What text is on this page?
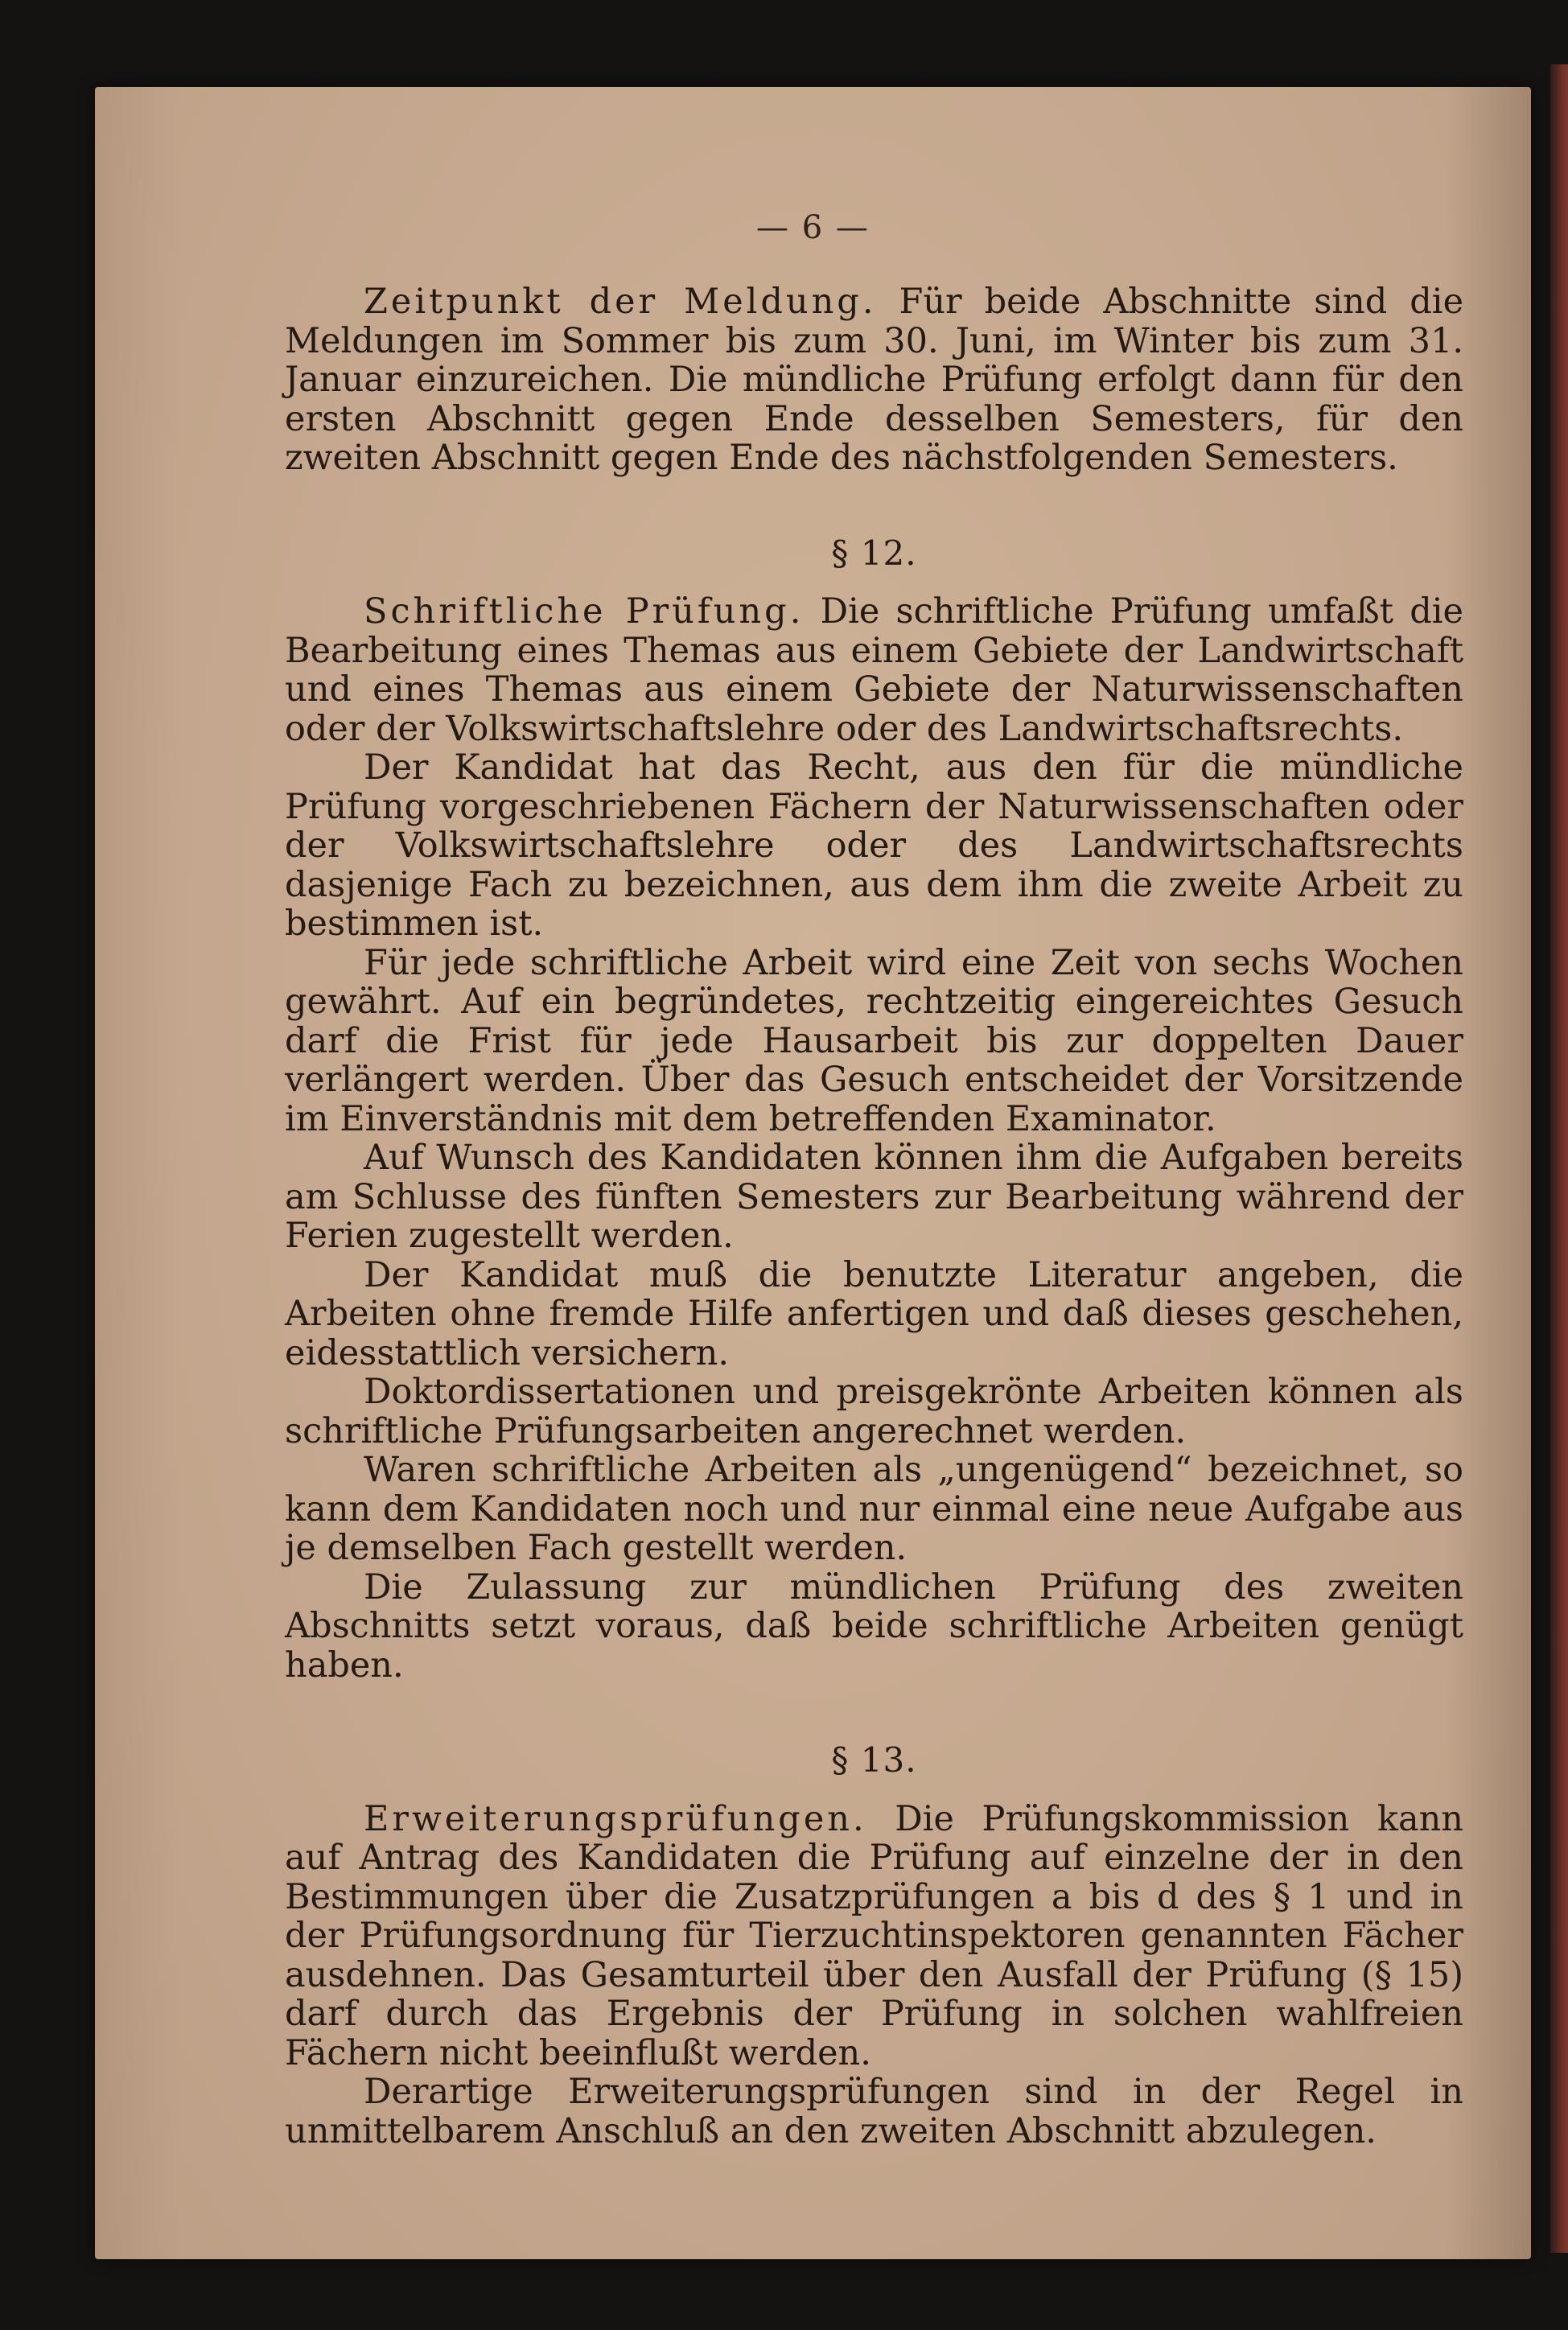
— 6 —

Zeitpunkt der Meldung. Für beide Abschnitte sind die Meldungen im Sommer bis zum 30. Juni, im Winter bis zum 31. Januar einzureichen. Die mündliche Prüfung erfolgt dann für den ersten Abschnitt gegen Ende desselben Semesters, für den zweiten Abschnitt gegen Ende des nächstfolgenden Semesters.

§ 12.

Schriftliche Prüfung. Die schriftliche Prüfung umfaßt die Bearbeitung eines Themas aus einem Gebiete der Landwirtschaft und eines Themas aus einem Gebiete der Naturwissenschaften oder der Volkswirtschaftslehre oder des Landwirtschaftsrechts.

Der Kandidat hat das Recht, aus den für die mündliche Prüfung vorgeschriebenen Fächern der Naturwissenschaften oder der Volkswirtschaftslehre oder des Landwirtschaftsrechts dasjenige Fach zu bezeichnen, aus dem ihm die zweite Arbeit zu bestimmen ist.

Für jede schriftliche Arbeit wird eine Zeit von sechs Wochen gewährt. Auf ein begründetes, rechtzeitig eingereichtes Gesuch darf die Frist für jede Hausarbeit bis zur doppelten Dauer verlängert werden. Über das Gesuch entscheidet der Vorsitzende im Einverständnis mit dem betreffenden Examinator.

Auf Wunsch des Kandidaten können ihm die Aufgaben bereits am Schlusse des fünften Semesters zur Bearbeitung während der Ferien zugestellt werden.

Der Kandidat muß die benutzte Literatur angeben, die Arbeiten ohne fremde Hilfe anfertigen und daß dieses geschehen, eidesstattlich versichern.

Doktordissertationen und preisgekrönte Arbeiten können als schriftliche Prüfungsarbeiten angerechnet werden.

Waren schriftliche Arbeiten als „ungenügend“ bezeichnet, so kann dem Kandidaten noch und nur einmal eine neue Aufgabe aus je demselben Fach gestellt werden.

Die Zulassung zur mündlichen Prüfung des zweiten Abschnitts setzt voraus, daß beide schriftliche Arbeiten genügt haben.

§ 13.

Erweiterungsprüfungen. Die Prüfungskommission kann auf Antrag des Kandidaten die Prüfung auf einzelne der in den Bestimmungen über die Zusatzprüfungen a bis d des § 1 und in der Prüfungsordnung für Tierzuchtinspektoren genannten Fächer ausdehnen. Das Gesamturteil über den Ausfall der Prüfung (§ 15) darf durch das Ergebnis der Prüfung in solchen wahlfreien Fächern nicht beeinflußt werden.

Derartige Erweiterungsprüfungen sind in der Regel in unmittelbarem Anschluß an den zweiten Abschnitt abzulegen.
